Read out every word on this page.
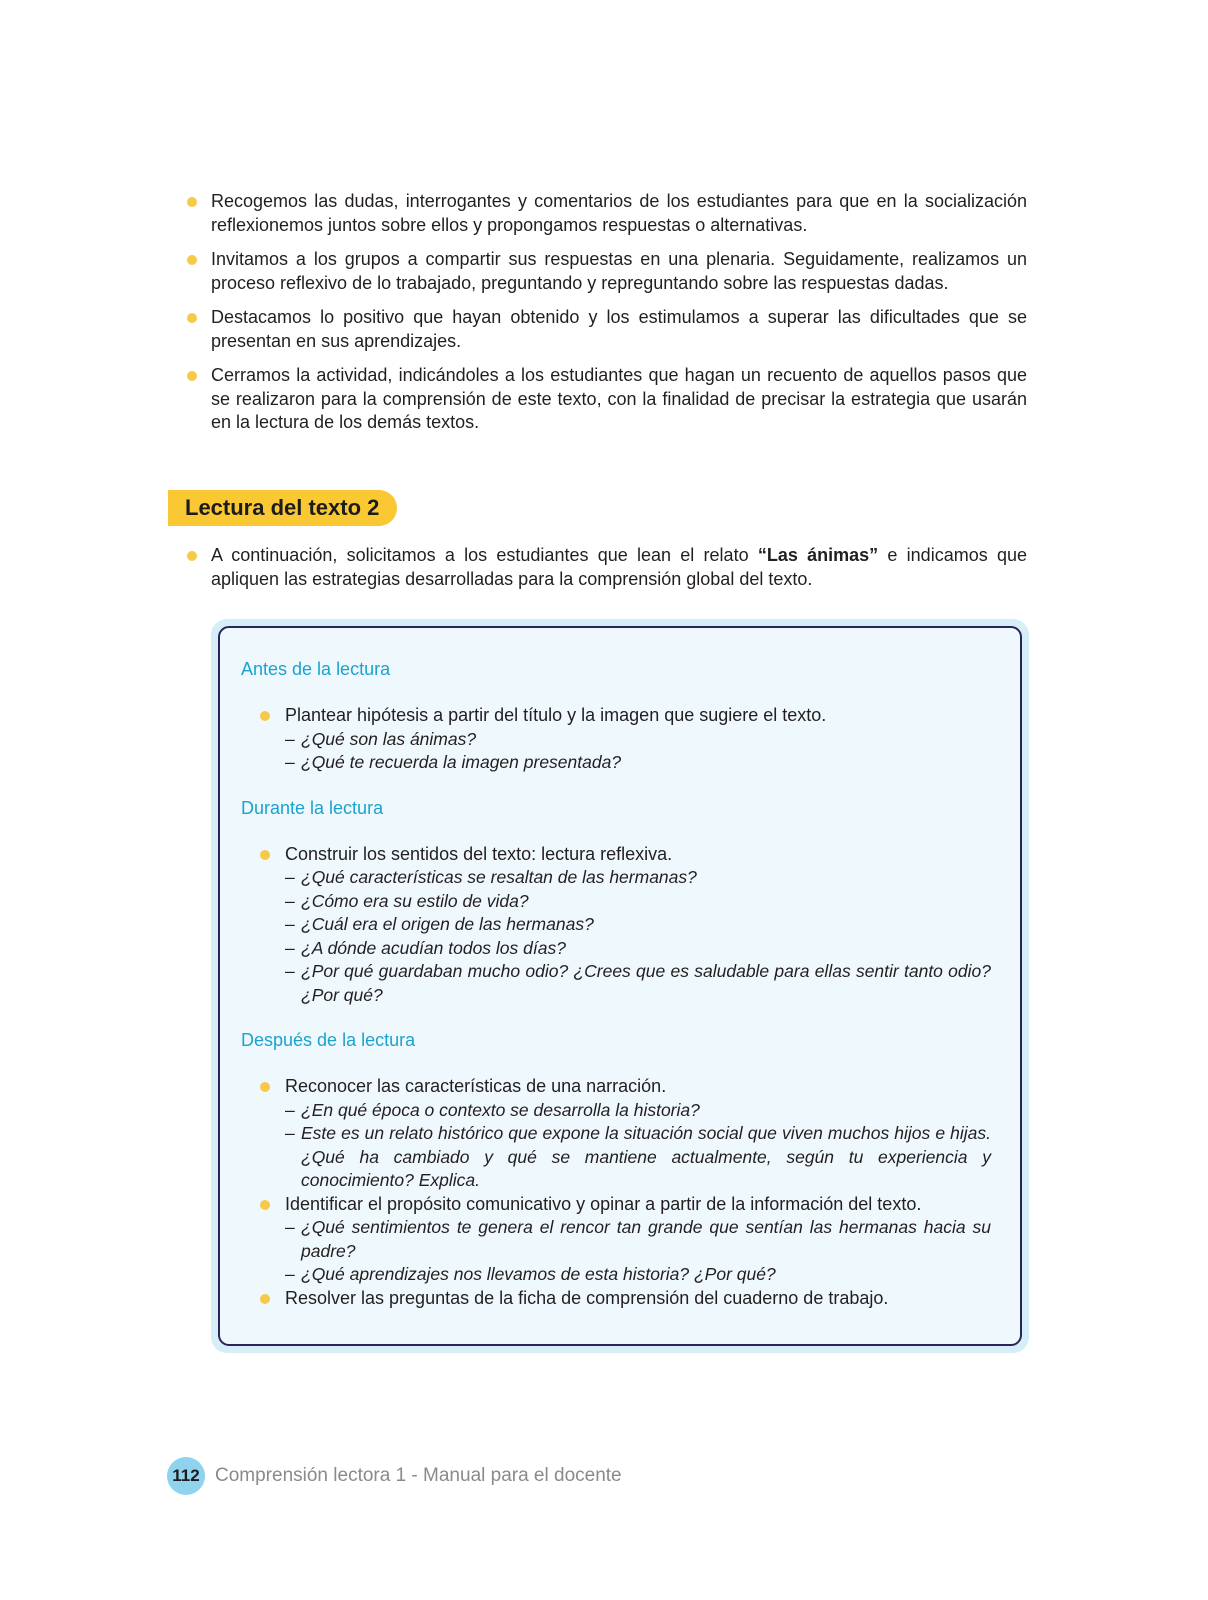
Recogemos las dudas, interrogantes y comentarios de los estudiantes para que en la socialización reflexionemos juntos sobre ellos y propongamos respuestas o alternativas.
Invitamos a los grupos a compartir sus respuestas en una plenaria. Seguidamente, realizamos un proceso reflexivo de lo trabajado, preguntando y repreguntando sobre las respuestas dadas.
Destacamos lo positivo que hayan obtenido y los estimulamos a superar las dificultades que se presentan en sus aprendizajes.
Cerramos la actividad, indicándoles a los estudiantes que hagan un recuento de aquellos pasos que se realizaron para la comprensión de este texto, con la finalidad de precisar la estrategia que usarán en la lectura de los demás textos.
Lectura del texto 2
A continuación, solicitamos a los estudiantes que lean el relato “Las ánimas” e indicamos que apliquen las estrategias desarrolladas para la comprensión global del texto.
Antes de la lectura
Plantear hipótesis a partir del título y la imagen que sugiere el texto.
– ¿Qué son las ánimas?
– ¿Qué te recuerda la imagen presentada?
Durante la lectura
Construir los sentidos del texto: lectura reflexiva.
– ¿Qué características se resaltan de las hermanas?
– ¿Cómo era su estilo de vida?
– ¿Cuál era el origen de las hermanas?
– ¿A dónde acudían todos los días?
– ¿Por qué guardaban mucho odio? ¿Crees que es saludable para ellas sentir tanto odio? ¿Por qué?
Después de la lectura
Reconocer las características de una narración.
– ¿En qué época o contexto se desarrolla la historia?
– Este es un relato histórico que expone la situación social que viven muchos hijos e hijas. ¿Qué ha cambiado y qué se mantiene actualmente, según tu experiencia y conocimiento? Explica.
Identificar el propósito comunicativo y opinar a partir de la información del texto.
– ¿Qué sentimientos te genera el rencor tan grande que sentían las hermanas hacia su padre?
– ¿Qué aprendizajes nos llevamos de esta historia? ¿Por qué?
Resolver las preguntas de la ficha de comprensión del cuaderno de trabajo.
112 Comprensión lectora 1 - Manual para el docente
